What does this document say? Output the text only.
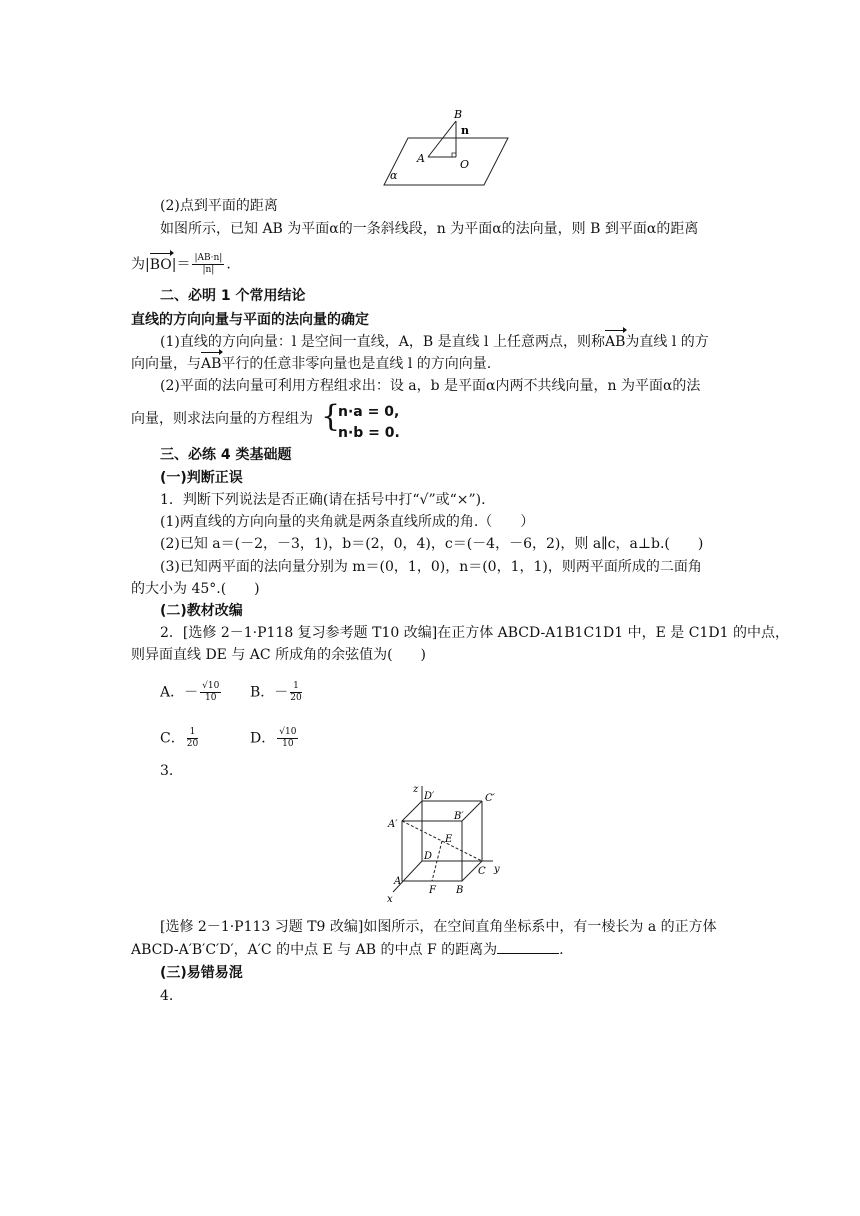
B
n
A	O
α
(2)点到平面的距离
如图所示，已知 AB 为平面α的一条斜线段，n 为平面α的法向量，则 B 到平面α的距离
为$|BO|= \frac{|AB\cdot n|}{|n|}$ .
二、必明 1 个常用结论
直线的方向向量与平面的法向量的确定
(1)直线的方向向量：l 是空间一直线，A，B 是直线 l 上任意两点，则称AB为直线 l 的方
向向量，与AB平行的任意非零向量也是直线 l 的方向向量.
(2)平面的法向量可利用方程组求出：设 a，b 是平面α内两不共线向量，n 为平面α的法
向量，则求法向量的方程组为 {
n·a = 0,
n·b = 0.
三、必练 4 类基础题
(一)判断正误
1．判断下列说法是否正确(请在括号中打“√”或“×”).
(1)两直线的方向向量的夹角就是两条直线所成的角.（　　）
(2)已知 a＝(－2，－3，1)，b＝(2，0，4)，c＝(－4，－6，2)，则 a∥c，a⊥b.(　　)
(3)已知两平面的法向量分别为 m＝(0，1，0)，n＝(0，1，1)，则两平面所成的二面角
的大小为 45°.(　　)
(二)教材改编
2．[选修 2－1·P118 复习参考题 T10 改编]在正方体 ABCD-A1B1C1D1 中，E 是 C1D1 的中点，
则异面直线 DE 与 AC 所成角的余弦值为(　　)
A．－ $\frac{√10}{10}$ B．－ $\frac{1}{20}$
C． $\frac{1}{20}$	D． $\frac{√10}{10}$
3.
z
D′	C′
A′
B′
E
D
C y
A
F B
x
[选修 2－1·P113 习题 T9 改编]如图所示，在空间直角坐标系中，有一棱长为 a 的正方体
ABCD-A′B′C′D′，A′C 的中点 E 与 AB 的中点 F 的距离为	.
(三)易错易混
4.
